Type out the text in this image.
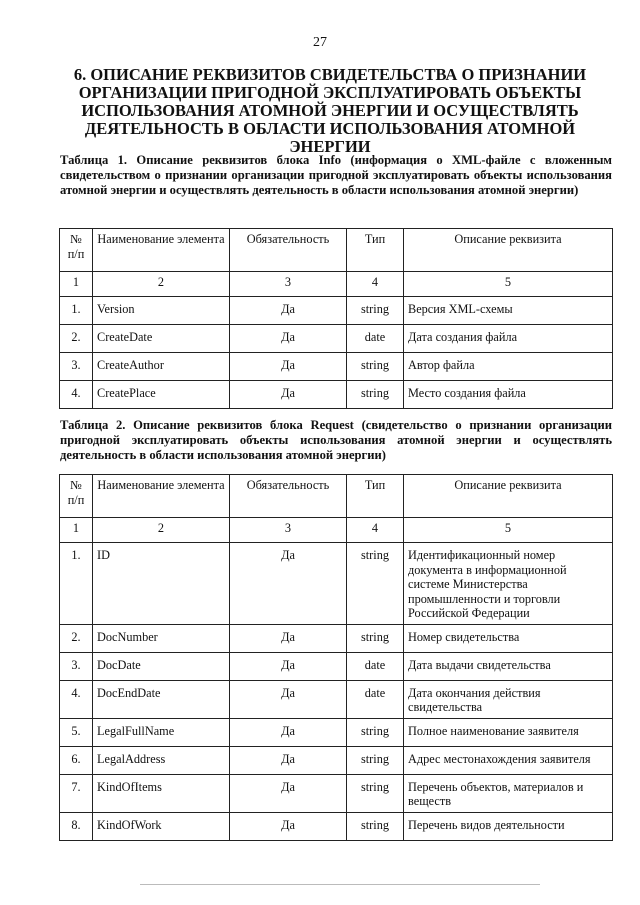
27
6. ОПИСАНИЕ РЕКВИЗИТОВ СВИДЕТЕЛЬСТВА О ПРИЗНАНИИ ОРГАНИЗАЦИИ ПРИГОДНОЙ ЭКСПЛУАТИРОВАТЬ ОБЪЕКТЫ ИСПОЛЬЗОВАНИЯ АТОМНОЙ ЭНЕРГИИ И ОСУЩЕСТВЛЯТЬ ДЕЯТЕЛЬНОСТЬ В ОБЛАСТИ ИСПОЛЬЗОВАНИЯ АТОМНОЙ ЭНЕРГИИ
Таблица 1. Описание реквизитов блока Info (информация о XML-файле с вложенным свидетельством о признании организации пригодной эксплуатировать объекты использования атомной энергии и осуществлять деятельность в области использования атомной энергии)
№ п/п	Наименование элемента	Обязательность	Тип	Описание реквизита
1	2	3	4	5
1.	Version	Да	string	Версия XML-схемы
2.	CreateDate	Да	date	Дата создания файла
3.	CreateAuthor	Да	string	Автор файла
4.	CreatePlace	Да	string	Место создания файла
Таблица 2. Описание реквизитов блока Request (свидетельство о признании организации пригодной эксплуатировать объекты использования атомной энергии и осуществлять деятельность в области использования атомной энергии)
№ п/п	Наименование элемента	Обязательность	Тип	Описание реквизита
1	2	3	4	5
1.	ID	Да	string	Идентификационный номер документа в информационной системе Министерства промышленности и торговли Российской Федерации
2.	DocNumber	Да	string	Номер свидетельства
3.	DocDate	Да	date	Дата выдачи свидетельства
4.	DocEndDate	Да	date	Дата окончания действия свидетельства
5.	LegalFullName	Да	string	Полное наименование заявителя
6.	LegalAddress	Да	string	Адрес местонахождения заявителя
7.	KindOfItems	Да	string	Перечень объектов, материалов и веществ
8.	KindOfWork	Да	string	Перечень видов деятельности
